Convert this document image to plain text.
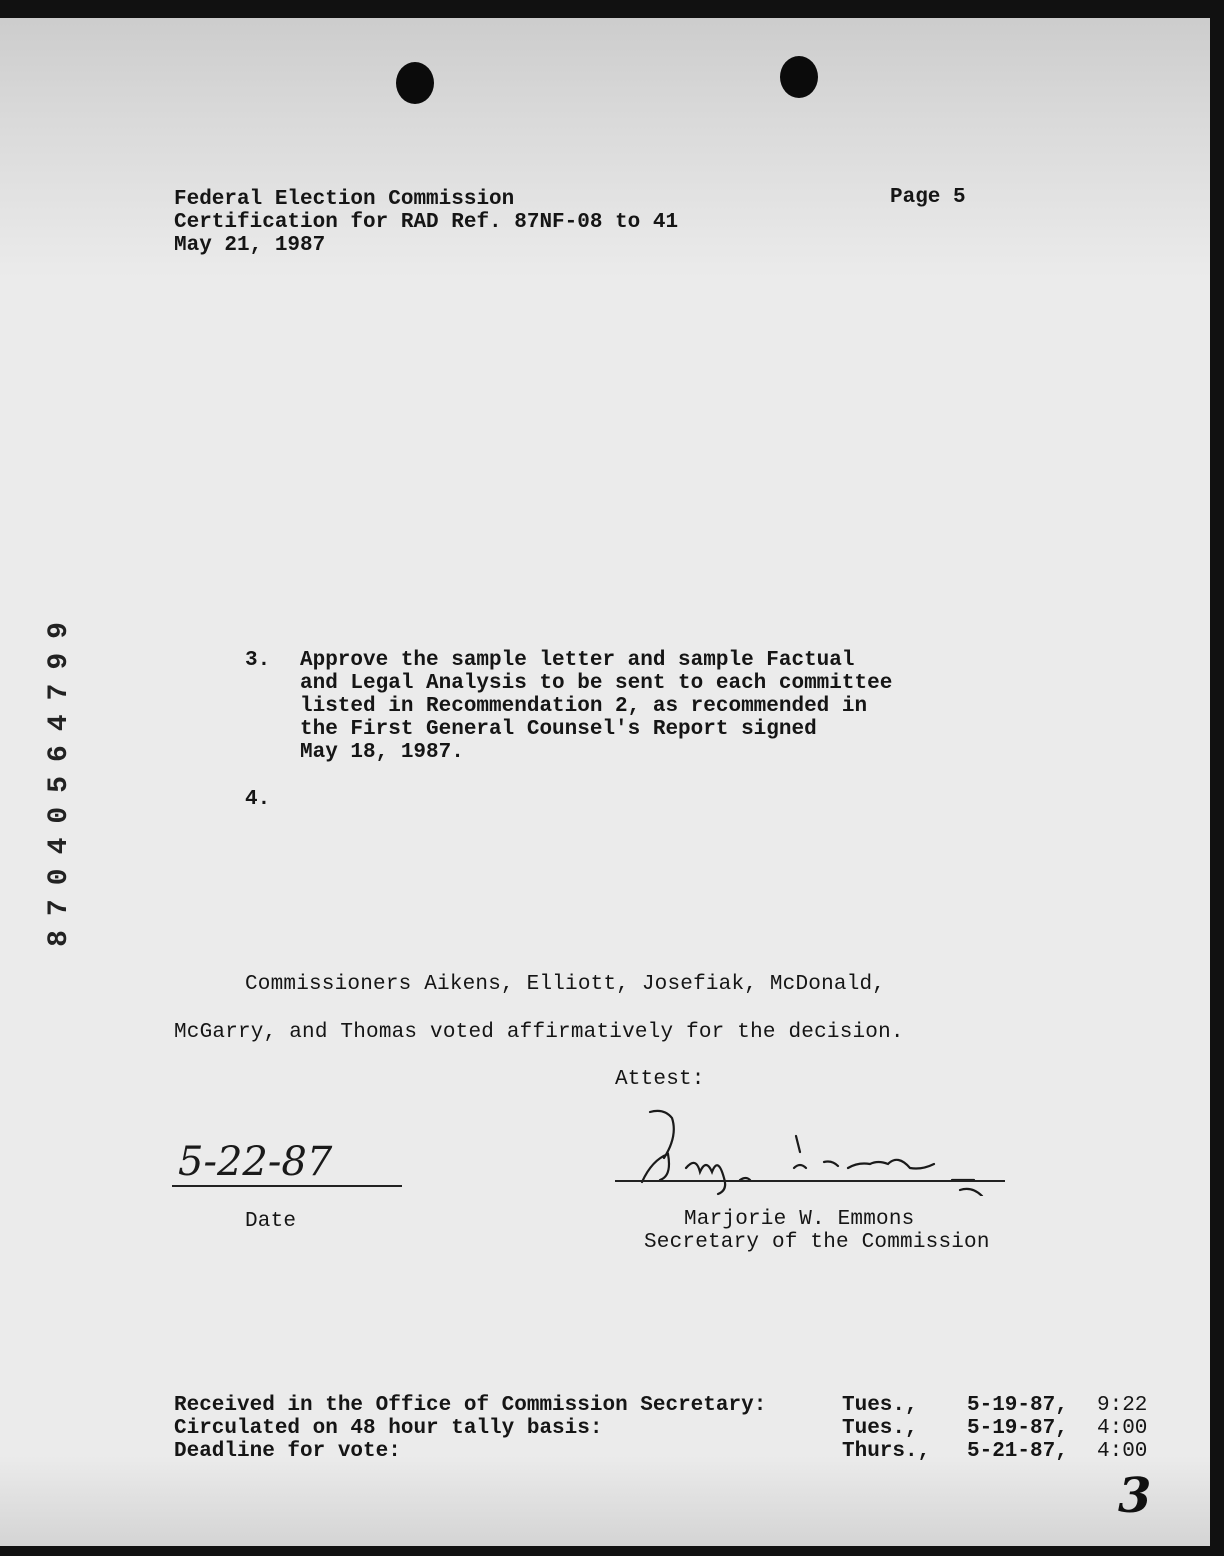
Federal Election Commission
Certification for RAD Ref. 87NF-08 to 41
May 21, 1987
Page 5
87040564799	3. Approve the sample letter and sample Factual
and Legal Analysis to be sent to each committee
listed in Recommendation 2, as recommended in
the First General Counsel's Report signed
May 18, 1987.
4.
Commissioners Aikens, Elliott, Josefiak, McDonald,
McGarry, and Thomas voted affirmatively for the decision.
Attest:
5-22-87
Date	Marjorie W. Emmons
Secretary of the Commission
Received in the Office of Commission Secretary:	Tues.,	5-19-87,	9:22
Circulated on 48 hour tally basis:	Tues.,	5-19-87,	4:00
Deadline for vote:	Thurs.,	5-21-87,	4:00
3
